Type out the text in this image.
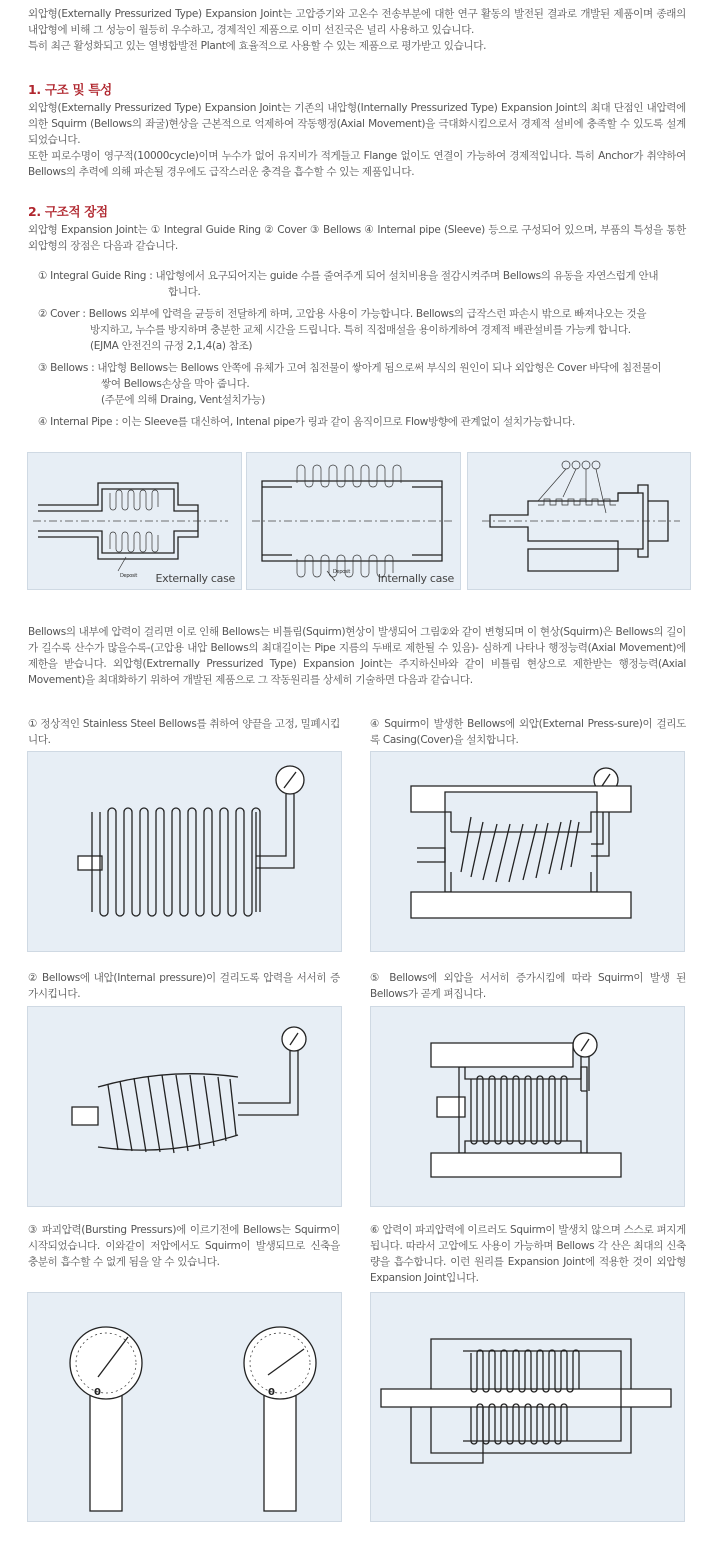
외압형(Externally Pressurized Type) Expansion Joint는 고압증기와 고온수 전송부분에 대한 연구 활동의 발전된 결과로 개발된 제품이며 종래의 내압형에 비해 그 성능이 월등히 우수하고, 경제적인 제품으로 이미 선진국은 널리 사용하고 있습니다.

특히 최근 활성화되고 있는 열병합발전 Plant에 효율적으로 사용할 수 있는 제품으로 평가받고 있습니다.

1. 구조 및 특성

외압형(Externally Pressurized Type) Expansion Joint는 기존의 내압형(Internally Pressurized Type) Expansion Joint의 최대 단점인 내압력에 의한 Squirm (Bellows의 좌굴)현상을 근본적으로 억제하여 작동행정(Axial Movement)을 극대화시킴으로서 경제적 설비에 충족할 수 있도록 설계되었습니다.

또한 피로수명이 영구적(10000cycle)이며 누수가 없어 유지비가 적게들고 Flange 없이도 연결이 가능하여 경제적입니다. 특히 Anchor가 취약하여 Bellows의 추력에 의해 파손될 경우에도 급작스러운 충격을 흡수할 수 있는 제품입니다.

2. 구조적 장점
외압형 Expansion Joint는 ① Integral Guide Ring ② Cover ③ Bellows ④ Internal pipe (Sleeve) 등으로 구성되어 있으며, 부품의 특성을 통한 외압형의 장점은 다음과 같습니다.

① Integral Guide Ring : 내압형에서 요구되어지는 guide 수를 줄여주게 되어 설치비용을 절감시켜주며 Bellows의 유동을 자연스럽게 안내

합니다.

② Cover : Bellows 외부에 압력을 균등히 전달하게 하며, 고압용 사용이 가능합니다. Bellows의 급작스런 파손시 밖으로 빠져나오는 것을

방지하고, 누수를 방지하며 충분한 교체 시간을 드립니다. 특히 직접매설을 용이하게하여 경제적 배관설비를 가능케 합니다.

(EJMA 안전건의 규정 2,1,4(a) 참조)

③ Bellows : 내압형 Bellows는 Bellows 안쪽에 유체가 고여 침전물이 쌓아게 됨으로써 부식의 원인이 되나 외압형은 Cover 바닥에 침전물이

쌓여 Bellows손상을 막아 줍니다.

(주문에 의해 Draing, Vent설치가능)

④ Internal Pipe : 이는 Sleeve를 대신하여, Intenal pipe가 링과 같이 움직이므로 Flow방향에 관계없이 설치가능합니다.

Deposit Externally case	Deposit	Internally case
Bellows의 내부에 압력이 걸리면 이로 인해 Bellows는 비틀림(Squirm)현상이 발생되어 그림②와 같이 변형되며 이 현상(Squirm)은 Bellows의 길이가 길수록 산수가 많을수록-(고압용 내압 Bellows의 최대길이는 Pipe 지름의 두배로 제한될 수 있음)- 심하게 나타나 행정능력(Axial Movement)에 제한을 받습니다. 외압형(Extrernally Pressurized Type) Expansion Joint는 주지하신바와 같이 비틀림 현상으로 제한받는 행정능력(Axial Movement)을 최대화하기 위하여 개발된 제품으로 그 작동원리를 상세히 기술하면 다음과 같습니다.
① 정상적인 Stainless Steel Bellows를 취하여 양끝을 고정, 밀폐시킵니다.
④ Squirm이 발생한 Bellows에 외압(External Press-sure)이 걸리도록 Casing(Cover)을 설치합니다.
② Bellows에 내압(Internal pressure)이 걸리도록 압력을 서서히 증가시킵니다.
⑤ Bellows에 외압을 서서히 증가시킴에 따라 Squirm이 발생 된 Bellows가 곧게 펴집니다.
③ 파괴압력(Bursting Pressurs)에 이르기전에 Bellows는 Squirm이 시작되었습니다. 이와같이 저압에서도 Squirm이 발생되므로 신축을 충분히 흡수할 수 없게 됨을 알 수 있습니다.
⑥ 압력이 파괴압력에 이르러도 Squirm이 발생치 않으며 스스로 펴지게 됩니다. 따라서 고압에도 사용이 가능하며 Bellows 각 산은 최대의 신축량을 흡수합니다. 이런 원리를 Expansion Joint에 적용한 것이 외압형 Expansion Joint입니다.
0	0
